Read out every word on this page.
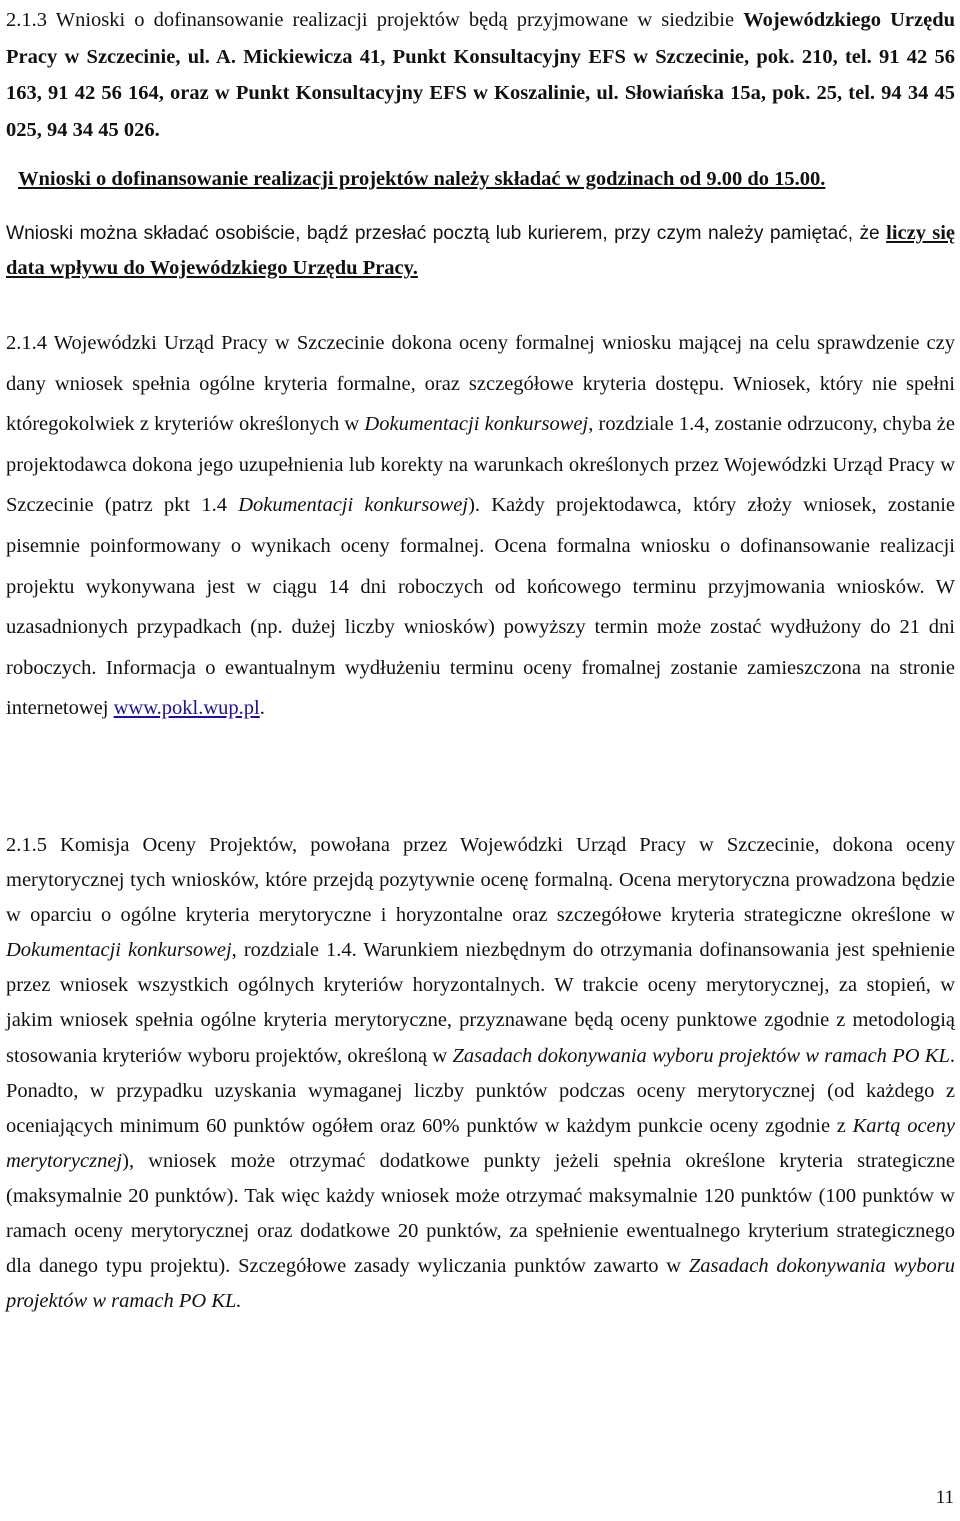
2.1.3 Wnioski o dofinansowanie realizacji projektów będą przyjmowane w siedzibie Wojewódzkiego Urzędu Pracy w Szczecinie, ul. A. Mickiewicza 41, Punkt Konsultacyjny EFS w Szczecinie, pok. 210, tel. 91 42 56 163, 91 42 56 164, oraz w Punkt Konsultacyjny EFS w Koszalinie, ul. Słowiańska 15a, pok. 25, tel. 94 34 45 025, 94 34 45 026.

Wnioski o dofinansowanie realizacji projektów należy składać w godzinach od 9.00 do 15.00.

Wnioski można składać osobiście, bądź przesłać pocztą lub kurierem, przy czym należy pamiętać, że liczy się data wpływu do Wojewódzkiego Urzędu Pracy.

2.1.4 Wojewódzki Urząd Pracy w Szczecinie dokona oceny formalnej wniosku mającej na celu sprawdzenie czy dany wniosek spełnia ogólne kryteria formalne, oraz szczegółowe kryteria dostępu. Wniosek, który nie spełni któregokolwiek z kryteriów określonych w Dokumentacji konkursowej, rozdziale 1.4, zostanie odrzucony, chyba że projektodawca dokona jego uzupełnienia lub korekty na warunkach określonych przez Wojewódzki Urząd Pracy w Szczecinie (patrz pkt 1.4 Dokumentacji konkursowej). Każdy projektodawca, który złoży wniosek, zostanie pisemnie poinformowany o wynikach oceny formalnej. Ocena formalna wniosku o dofinansowanie realizacji projektu wykonywana jest w ciągu 14 dni roboczych od końcowego terminu przyjmowania wniosków. W uzasadnionych przypadkach (np. dużej liczby wniosków) powyższy termin może zostać wydłużony do 21 dni roboczych. Informacja o ewantualnym wydłużeniu terminu oceny fromalnej zostanie zamieszczona na stronie internetowej www.pokl.wup.pl.

2.1.5 Komisja Oceny Projektów, powołana przez Wojewódzki Urząd Pracy w Szczecinie, dokona oceny merytorycznej tych wniosków, które przejdą pozytywnie ocenę formalną. Ocena merytoryczna prowadzona będzie w oparciu o ogólne kryteria merytoryczne i horyzontalne oraz szczegółowe kryteria strategiczne określone w Dokumentacji konkursowej, rozdziale 1.4. Warunkiem niezbędnym do otrzymania dofinansowania jest spełnienie przez wniosek wszystkich ogólnych kryteriów horyzontalnych. W trakcie oceny merytorycznej, za stopień, w jakim wniosek spełnia ogólne kryteria merytoryczne, przyznawane będą oceny punktowe zgodnie z metodologią stosowania kryteriów wyboru projektów, określoną w Zasadach dokonywania wyboru projektów w ramach PO KL. Ponadto, w przypadku uzyskania wymaganej liczby punktów podczas oceny merytorycznej (od każdego z oceniających minimum 60 punktów ogółem oraz 60% punktów w każdym punkcie oceny zgodnie z Kartą oceny merytorycznej), wniosek może otrzymać dodatkowe punkty jeżeli spełnia określone kryteria strategiczne (maksymalnie 20 punktów). Tak więc każdy wniosek może otrzymać maksymalnie 120 punktów (100 punktów w ramach oceny merytorycznej oraz dodatkowe 20 punktów, za spełnienie ewentualnego kryterium strategicznego dla danego typu projektu). Szczegółowe zasady wyliczania punktów zawarto w Zasadach dokonywania wyboru projektów w ramach PO KL.

11
